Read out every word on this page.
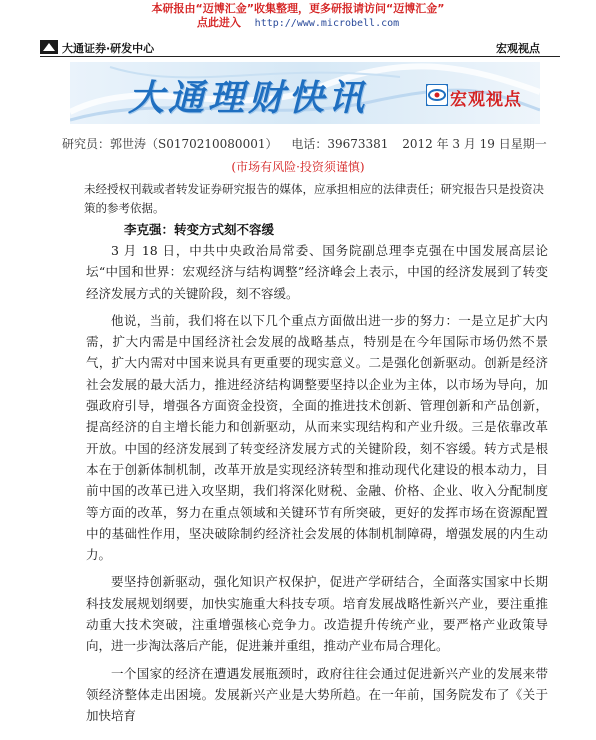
本研报由“迈博汇金”收集整理，更多研报请访问“迈博汇金”
点此进入 http://www.microbell.com
大通证券·研发中心	宏观视点
大通理财快讯	宏观视点
研究员：郭世涛（S0170210080001） 电话：39673381 2012 年 3 月 19 日星期一
(市场有风险·投资须谨慎)
未经授权刊载或者转发证券研究报告的媒体，应承担相应的法律责任；研究报告只是投资决策的参考依据。
李克强：转变方式刻不容缓

3 月 18 日，中共中央政治局常委、国务院副总理李克强在中国发展高层论坛“中国和世界：宏观经济与结构调整”经济峰会上表示，中国的经济发展到了转变经济发展方式的关键阶段，刻不容缓。

他说，当前，我们将在以下几个重点方面做出进一步的努力：一是立足扩大内需，扩大内需是中国经济社会发展的战略基点，特别是在今年国际市场仍然不景气，扩大内需对中国来说具有更重要的现实意义。二是强化创新驱动。创新是经济社会发展的最大活力，推进经济结构调整要坚持以企业为主体，以市场为导向，加强政府引导，增强各方面资金投资，全面的推进技术创新、管理创新和产品创新，提高经济的自主增长能力和创新驱动，从而来实现结构和产业升级。三是依靠改革开放。中国的经济发展到了转变经济发展方式的关键阶段，刻不容缓。转方式是根本在于创新体制机制，改革开放是实现经济转型和推动现代化建设的根本动力，目前中国的改革已进入攻坚期，我们将深化财税、金融、价格、企业、收入分配制度等方面的改革，努力在重点领域和关键环节有所突破，更好的发挥市场在资源配置中的基础性作用，坚决破除制约经济社会发展的体制机制障碍，增强发展的内生动力。

要坚持创新驱动，强化知识产权保护，促进产学研结合，全面落实国家中长期科技发展规划纲要，加快实施重大科技专项。培育发展战略性新兴产业，要注重推动重大技术突破，注重增强核心竞争力。改造提升传统产业，要严格产业政策导向，进一步淘汰落后产能，促进兼并重组，推动产业布局合理化。

一个国家的经济在遭遇发展瓶颈时，政府往往会通过促进新兴产业的发展来带领经济整体走出困境。发展新兴产业是大势所趋。在一年前，国务院发布了《关于加快培育
